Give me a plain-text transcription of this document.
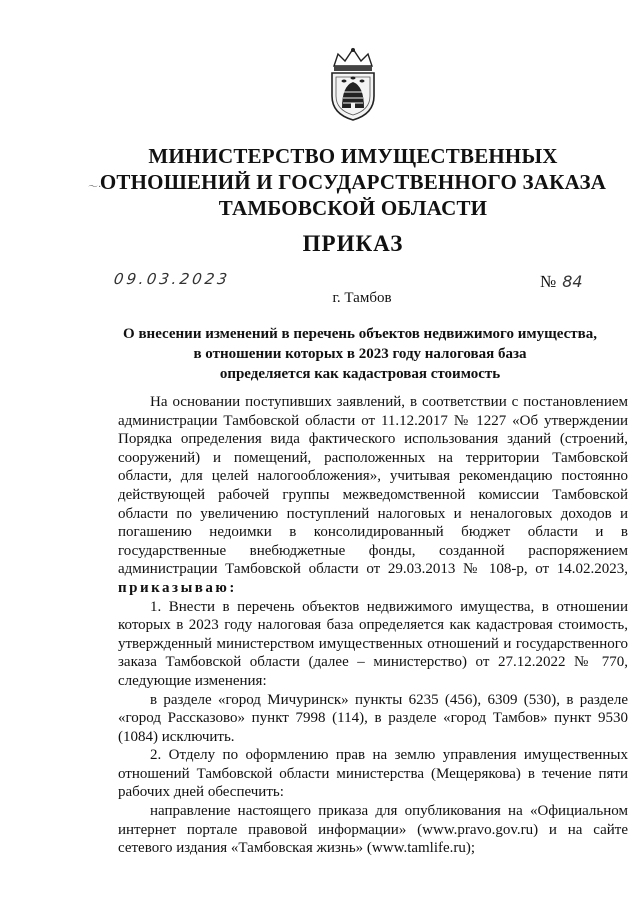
МИНИСТЕРСТВО ИМУЩЕСТВЕННЫХ
ОТНОШЕНИЙ И ГОСУДАРСТВЕННОГО ЗАКАЗА
ТАМБОВСКОЙ ОБЛАСТИ
～·
ПРИКАЗ
09.03.2023	№ 84
г. Тамбов
О внесении изменений в перечень объектов недвижимого имущества,
в отношении которых в 2023 году налоговая база
определяется как кадастровая стоимость

На основании поступивших заявлений, в соответствии с постановлением администрации Тамбовской области от 11.12.2017 № 1227 «Об утверждении Порядка определения вида фактического использования зданий (строений, сооружений) и помещений, расположенных на территории Тамбовской области, для целей налогообложения», учитывая рекомендацию постоянно действующей рабочей группы межведомственной комиссии Тамбовской области по увеличению поступлений налоговых и неналоговых доходов и погашению недоимки в консолидированный бюджет области и в государственные внебюджетные фонды, созданной распоряжением администрации Тамбовской области от 29.03.2013 № 108-р, от 14.02.2023, приказываю:

1. Внести в перечень объектов недвижимого имущества, в отношении которых в 2023 году налоговая база определяется как кадастровая стоимость, утвержденный министерством имущественных отношений и государственного заказа Тамбовской области (далее – министерство) от 27.12.2022 № 770, следующие изменения:

в разделе «город Мичуринск» пункты 6235 (456), 6309 (530), в разделе «город Рассказово» пункт 7998 (114), в разделе «город Тамбов» пункт 9530 (1084) исключить.

2. Отделу по оформлению прав на землю управления имущественных отношений Тамбовской области министерства (Мещерякова) в течение пяти рабочих дней обеспечить:

направление настоящего приказа для опубликования на «Официальном интернет портале правовой информации» (www.pravo.gov.ru) и на сайте сетевого издания «Тамбовская жизнь» (www.tamlife.ru);
